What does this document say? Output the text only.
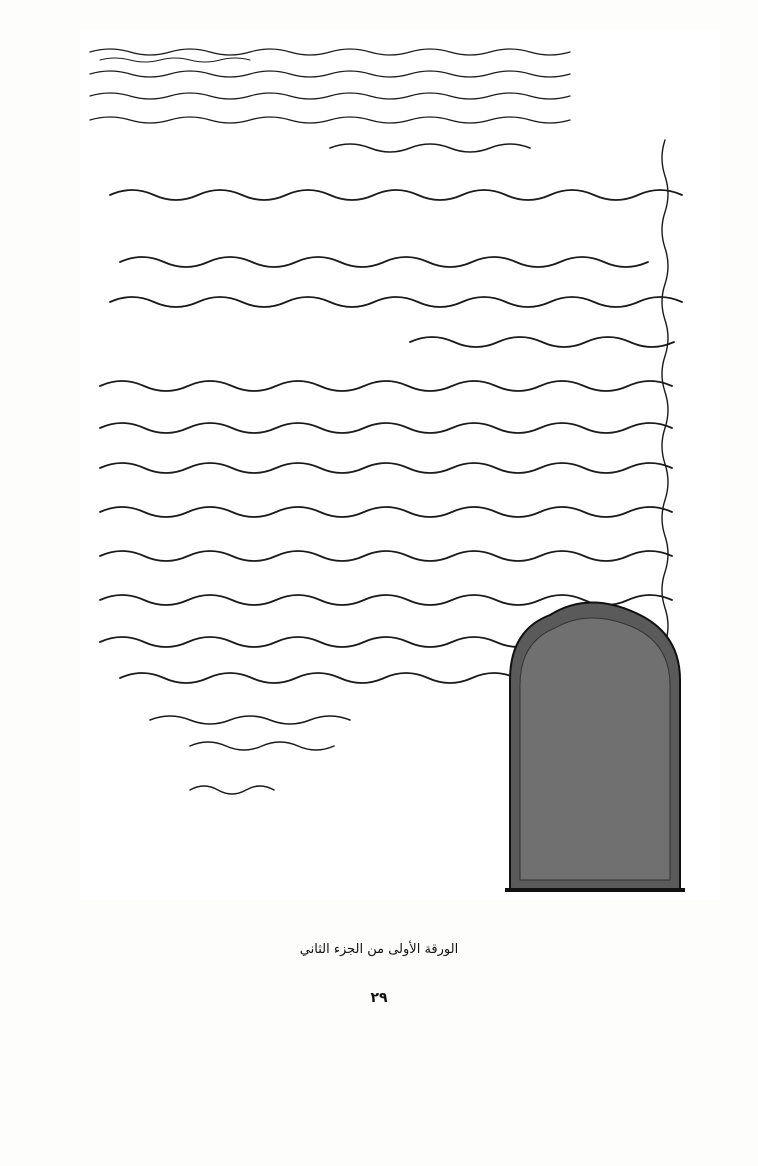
الورقة الأولى من الجزء الثاني
٢٩
